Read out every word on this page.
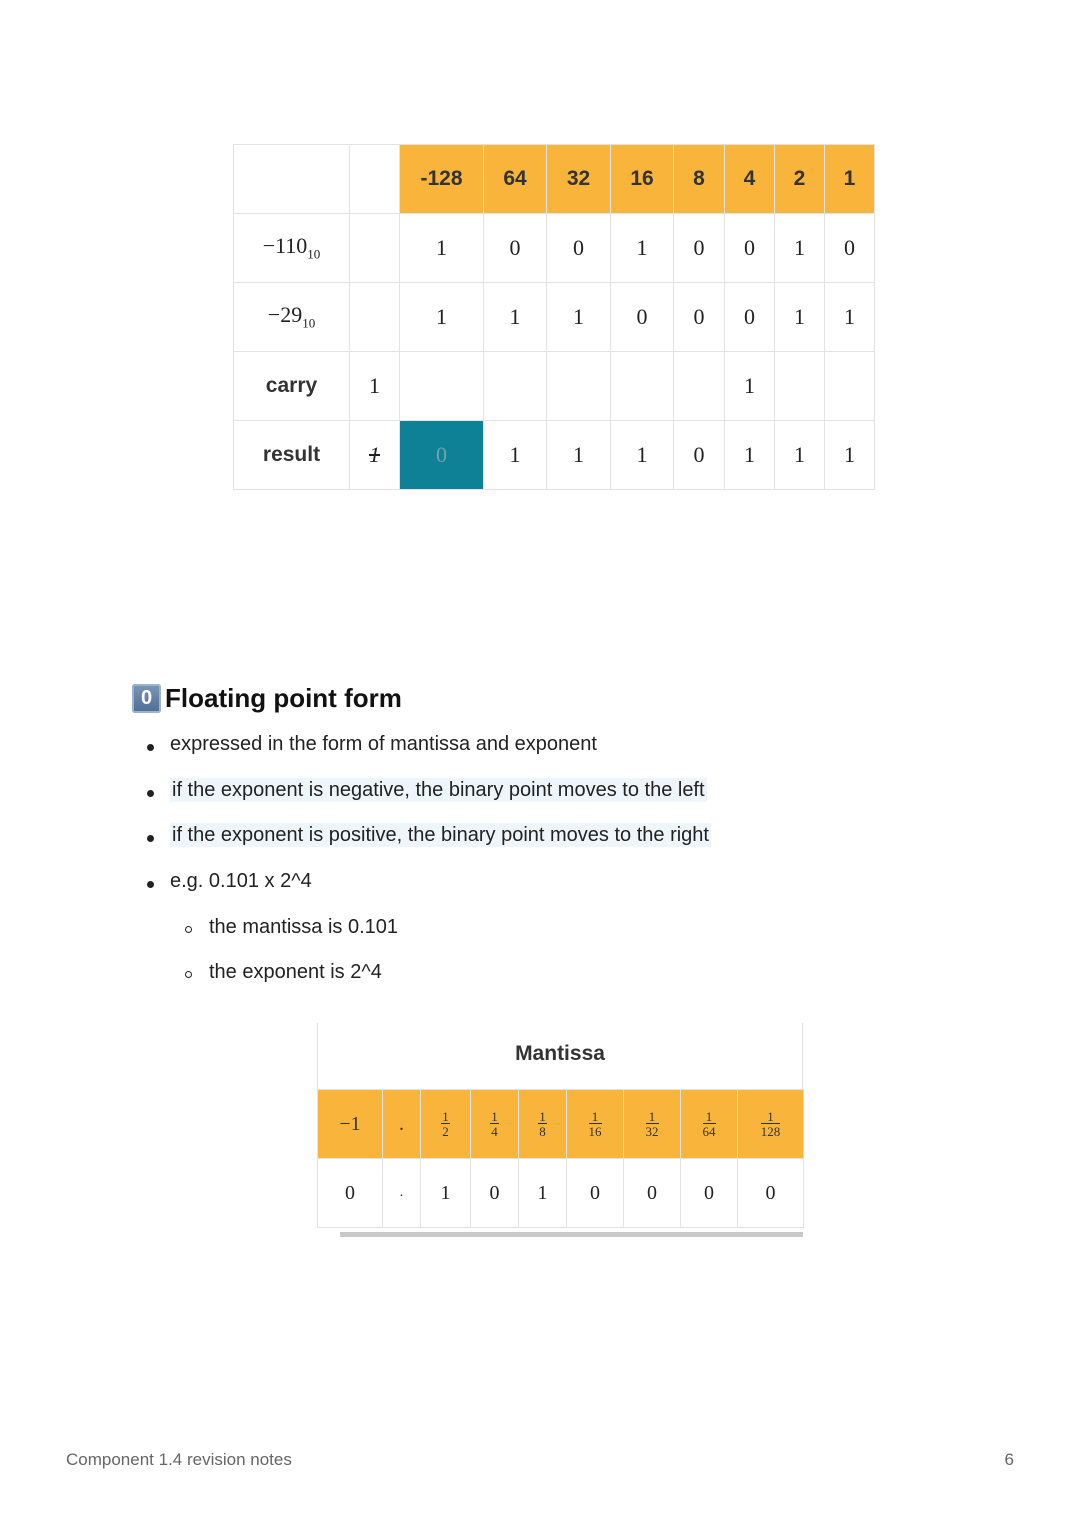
		-128	64	32	16	8	4	2	1
$-110_{10}$		1	0	0	1	0	0	1	0
$-29_{10}$		1	1	1	0	0	0	1	1
carry	1						1		
result	1	0	1	1	1	0	1	1	1
0 Floating point form
expressed in the form of mantissa and exponent
if the exponent is negative, the binary point moves to the left
if the exponent is positive, the binary point moves to the right
e.g. 0.101 x 2^4
the mantissa is 0.101
the exponent is 2^4
Mantissa
−1	.	$\frac{1}{2}$	$\frac{1}{4}$	$\frac{1}{8}$	$\frac{1}{16}$	$\frac{1}{32}$	$\frac{1}{64}$	$\frac{1}{128}$

0	.	1	0	1	0	0	0	0
Component 1.4 revision notes	6
